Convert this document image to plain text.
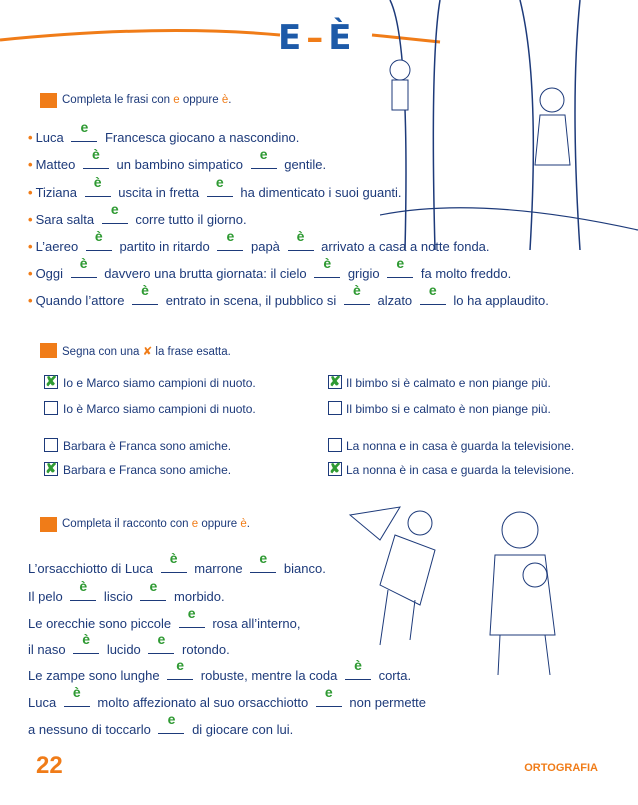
E – È
Completa le frasi con e oppure è.
• Luca
e
Francesca giocano a nascondino.
• Matteo
è
un bambino simpatico
e
gentile.
• Tiziana
è
uscita in fretta
e
ha dimenticato i suoi guanti.
• Sara salta
e
corre tutto il giorno.
• L’aereo
è
partito in ritardo
e
papà
è
arrivato a casa a notte fonda.
• Oggi
è
davvero una brutta giornata: il cielo
è
grigio
e
fa molto freddo.
• Quando l’attore
è
entrato in scena, il pubblico si
è
alzato
e
lo ha applaudito.
Segna con una ✘ la frase esatta.
✘ Io e Marco siamo campioni di nuoto.
Io è Marco siamo campioni di nuoto.
Barbara è Franca sono amiche.
✘ Barbara e Franca sono amiche.
✘ Il bimbo si è calmato e non piange più.
Il bimbo si e calmato è non piange più.
La nonna e in casa è guarda la televisione.
✘ La nonna è in casa e guarda la televisione.
Completa il racconto con e oppure è.
L’orsacchiotto di Luca
è
marrone
e
bianco.
Il pelo
è
liscio
e
morbido.
Le orecchie sono piccole
e
rosa all’interno,
il naso
è
lucido
e
rotondo.
Le zampe sono lunghe
e
robuste, mentre la coda
è
corta.
Luca
è
molto affezionato al suo orsacchiotto
e
non permette
a nessuno di toccarlo
e
di giocare con lui.
22	ORTOGRAFIA
